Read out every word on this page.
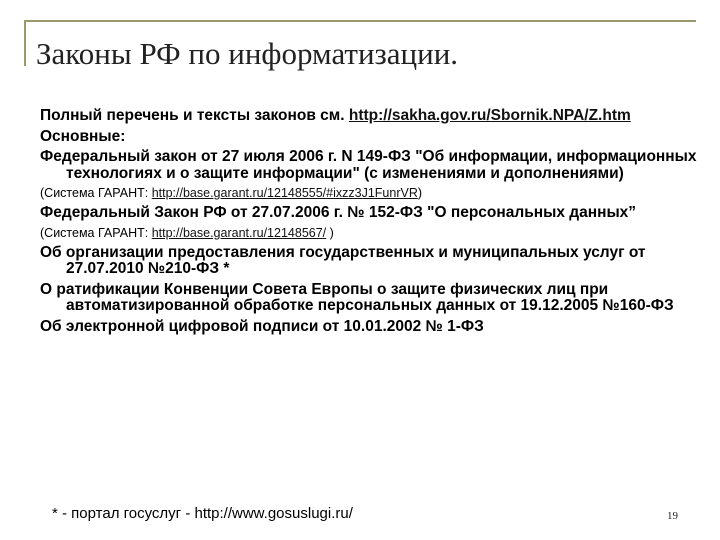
Законы РФ по информатизации.

Полный перечень и тексты законов см. http://sakha.gov.ru/Sbornik.NPA/Z.htm

Основные:

Федеральный закон от 27 июля 2006 г. N 149-ФЗ "Об информации, информационных технологиях и о защите информации" (с изменениями и дополнениями)

(Система ГАРАНТ: http://base.garant.ru/12148555/#ixzz3J1FunrVR)

Федеральный Закон РФ от 27.07.2006 г. № 152-ФЗ "О персональных данных”

(Система ГАРАНТ: http://base.garant.ru/12148567/ )

Об организации предоставления государственных и муниципальных услуг от 27.07.2010 №210-ФЗ *

О ратификации Конвенции Совета Европы о защите физических лиц при автоматизированной обработке персональных данных от 19.12.2005 №160-ФЗ

Об электронной цифровой подписи от 10.01.2002 № 1-ФЗ

* - портал госуслуг - http://www.gosuslugi.ru/	19
